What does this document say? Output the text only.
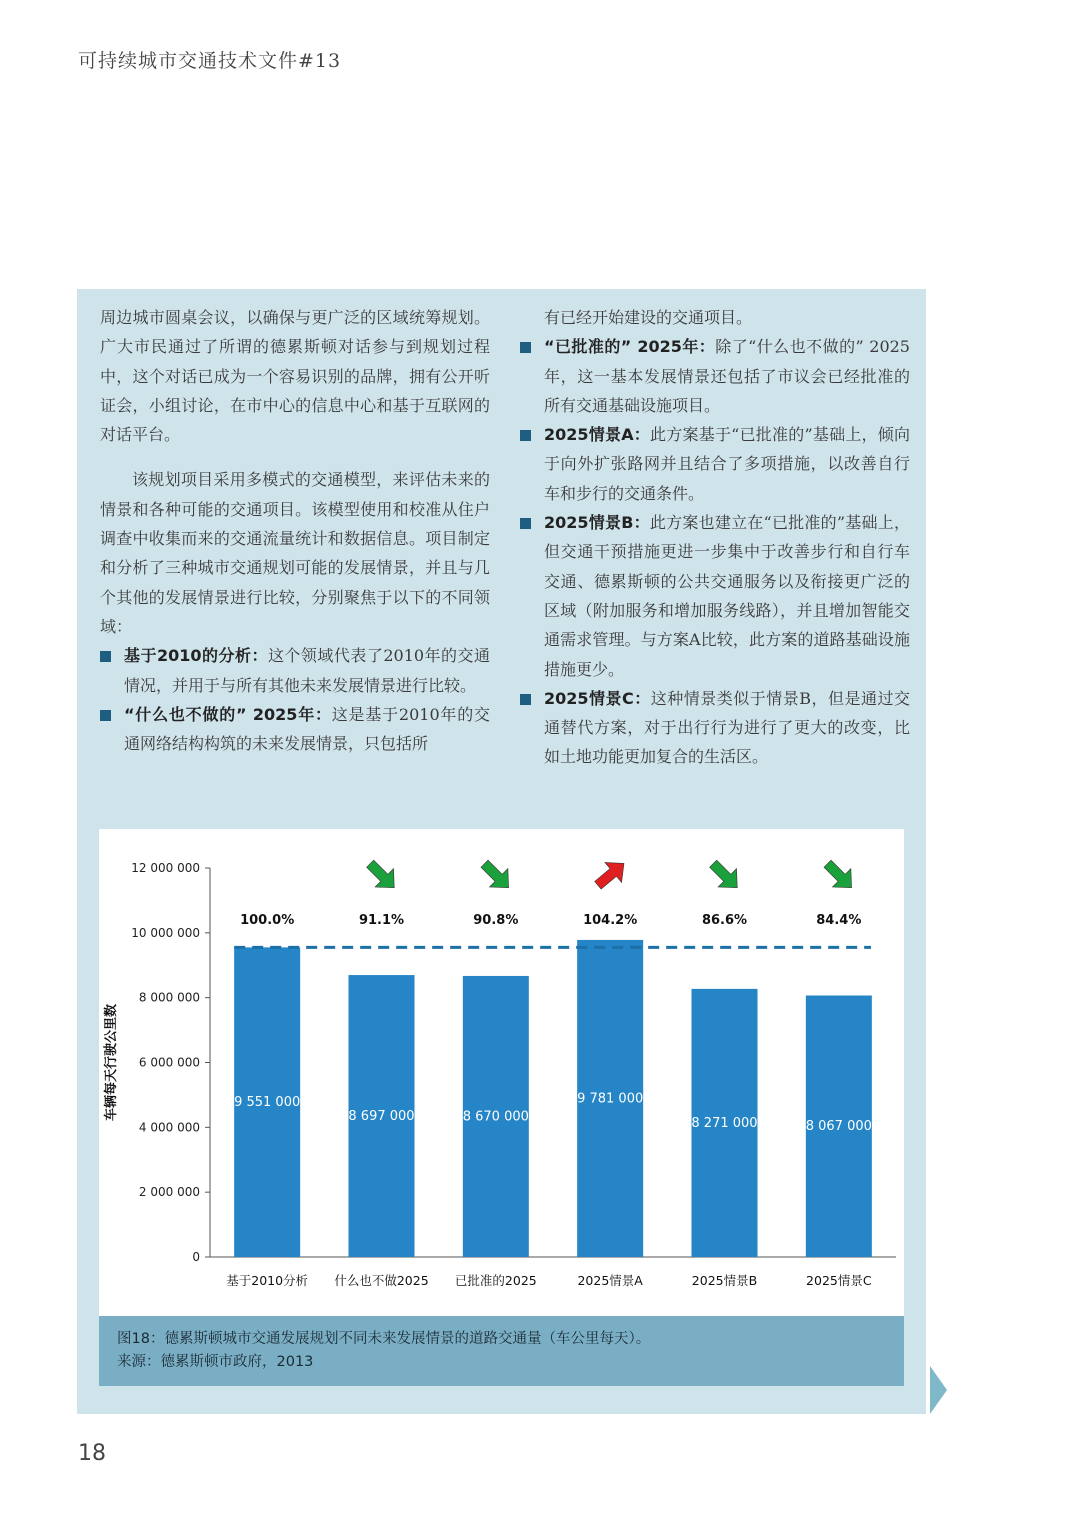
可持续城市交通技术文件#13

周边城市圆桌会议，以确保与更广泛的区域统筹规划。广大市民通过了所谓的德累斯顿对话参与到规划过程中，这个对话已成为一个容易识别的品牌，拥有公开听证会，小组讨论，在市中心的信息中心和基于互联网的对话平台。

该规划项目采用多模式的交通模型，来评估未来的情景和各种可能的交通项目。该模型使用和校准从住户调查中收集而来的交通流量统计和数据信息。项目制定和分析了三种城市交通规划可能的发展情景，并且与几个其他的发展情景进行比较，分别聚焦于以下的不同领域：

基于2010的分析：这个领域代表了2010年的交通情况，并用于与所有其他未来发展情景进行比较。

“什么也不做的” 2025年：这是基于2010年的交通网络结构构筑的未来发展情景，只包括所

有已经开始建设的交通项目。

“已批准的” 2025年：除了“什么也不做的” 2025年，这一基本发展情景还包括了市议会已经批准的所有交通基础设施项目。

2025情景A：此方案基于“已批准的”基础上，倾向于向外扩张路网并且结合了多项措施，以改善自行车和步行的交通条件。

2025情景B：此方案也建立在“已批准的”基础上，但交通干预措施更进一步集中于改善步行和自行车交通、德累斯顿的公共交通服务以及衔接更广泛的区域（附加服务和增加服务线路），并且增加智能交通需求管理。与方案A比较，此方案的道路基础设施措施更少。

2025情景C：这种情景类似于情景B，但是通过交通替代方案，对于出行行为进行了更大的改变，比如土地功能更加复合的生活区。

0
2 000 000
4 000 000
6 000 000
8 000 000
10 000 000
12 000 000
车辆每天行驶公里数	9 551 000
100.0%
基于2010分析
8 697 000
91.1%
什么也不做2025
8 670 000
90.8%
已批准的2025
9 781 000
104.2%
2025情景A
8 271 000
86.6%
2025情景B
8 067 000
84.4%
2025情景C
图18：德累斯顿城市交通发展规划不同未来发展情景的道路交通量（车公里每天）。
来源：德累斯顿市政府，2013
18
